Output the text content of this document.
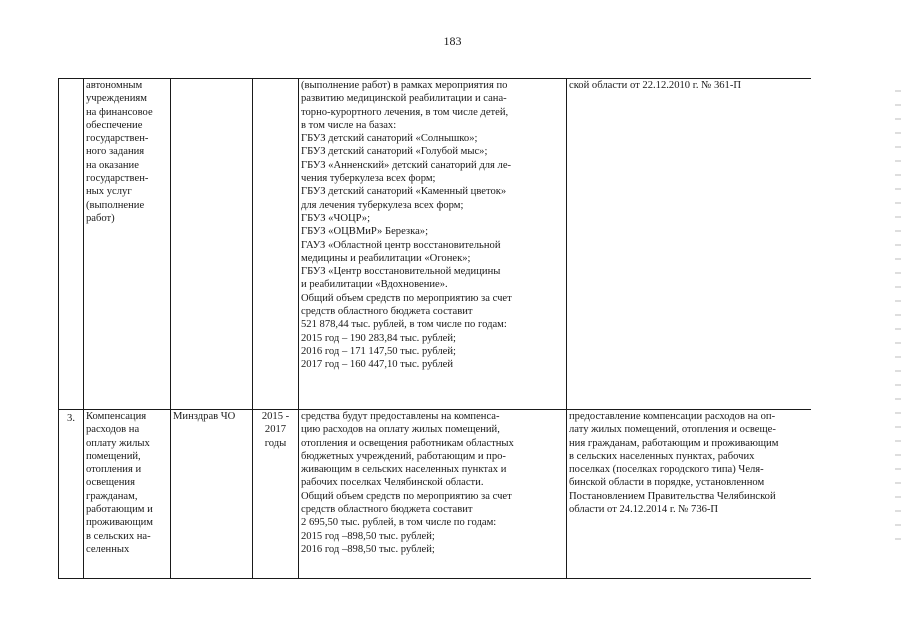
183
автономным
учреждениям
на финансовое
обеспечение
государствен-
ного задания
на оказание
государствен-
ных услуг
(выполнение
работ)
(выполнение работ) в рамках мероприятия по
развитию медицинской реабилитации и сана-
торно-курортного лечения, в том числе детей,
в том числе на базах:
ГБУЗ детский санаторий «Солнышко»;
ГБУЗ детский санаторий «Голубой мыс»;
ГБУЗ «Анненский» детский санаторий для ле-
чения туберкулеза всех форм;
ГБУЗ детский санаторий «Каменный цветок»
для лечения туберкулеза всех форм;
ГБУЗ «ЧОЦР»;
ГБУЗ «ОЦВМиР» Березка»;
ГАУЗ «Областной центр восстановительной
медицины и реабилитации «Огонек»;
ГБУЗ «Центр восстановительной медицины
и реабилитации «Вдохновение».
Общий объем средств по мероприятию за счет
средств областного бюджета составит
521 878,44 тыс. рублей, в том числе по годам:
2015 год – 190 283,84 тыс. рублей;
2016 год – 171 147,50 тыс. рублей;
2017 год – 160 447,10 тыс. рублей
ской области от 22.12.2010 г. № 361-П
3.	Компенсация
расходов на
оплату жилых
помещений,
отопления и
освещения
гражданам,
работающим и
проживающим
в сельских на-
селенных
Минздрав ЧО	2015 -
2017
годы
средства будут предоставлены на компенса-
цию расходов на оплату жилых помещений,
отопления и освещения работникам областных
бюджетных учреждений, работающим и про-
живающим в сельских населенных пунктах и
рабочих поселках Челябинской области.
Общий объем средств по мероприятию за счет
средств областного бюджета составит
2 695,50 тыс. рублей, в том числе по годам:
2015 год –898,50 тыс. рублей;
2016 год –898,50 тыс. рублей;
предоставление компенсации расходов на оп-
лату жилых помещений, отопления и освеще-
ния гражданам, работающим и проживающим
в сельских населенных пунктах, рабочих
поселках (поселках городского типа) Челя-
бинской области в порядке, установленном
Постановлением Правительства Челябинской
области от 24.12.2014 г. № 736-П
